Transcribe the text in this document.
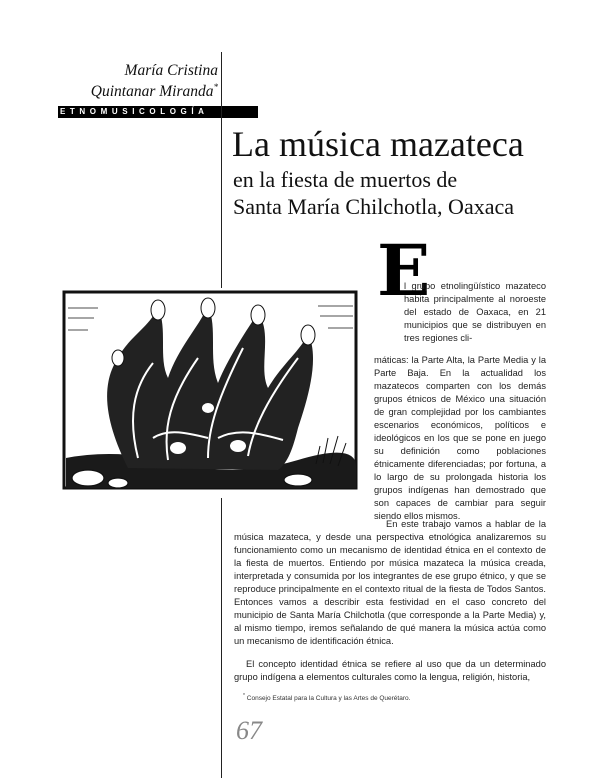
María Cristina
Quintanar Miranda*
ETNOMUSICOLOGÍA
La música mazateca
en la fiesta de muertos de
Santa María Chilchotla, Oaxaca
E
l grupo etnolingüístico mazateco habita principalmente al noroeste del estado de Oaxaca, en 21 municipios que se distribuyen en tres regiones cli-
máticas: la Parte Alta, la Parte Media y la Parte Baja. En la actualidad los mazatecos comparten con los demás grupos étnicos de México una situación de gran complejidad por los cambiantes escenarios económicos, políticos e ideológicos en los que se pone en juego su definición como poblaciones étnicamente diferenciadas; por fortuna, a lo largo de su prolongada historia los grupos indígenas han demostrado que son capaces de cambiar para seguir siendo ellos mismos.
En este trabajo vamos a hablar de la música mazateca, y desde una perspectiva etnológica analizaremos su funcionamiento como un mecanismo de identidad étnica en el contexto de la fiesta de muertos. Entiendo por música mazateca la música creada, interpretada y consumida por los integrantes de ese grupo étnico, y que se reproduce principalmente en el contexto ritual de la fiesta de Todos Santos. Entonces vamos a describir esta festividad en el caso concreto del municipio de Santa María Chilchotla (que corresponde a la Parte Media) y, al mismo tiempo, iremos señalando de qué manera la música actúa como un mecanismo de identificación étnica.
El concepto identidad étnica se refiere al uso que da un determinado grupo indígena a elementos culturales como la lengua, religión, historia,
* Consejo Estatal para la Cultura y las Artes de Querétaro.
67
